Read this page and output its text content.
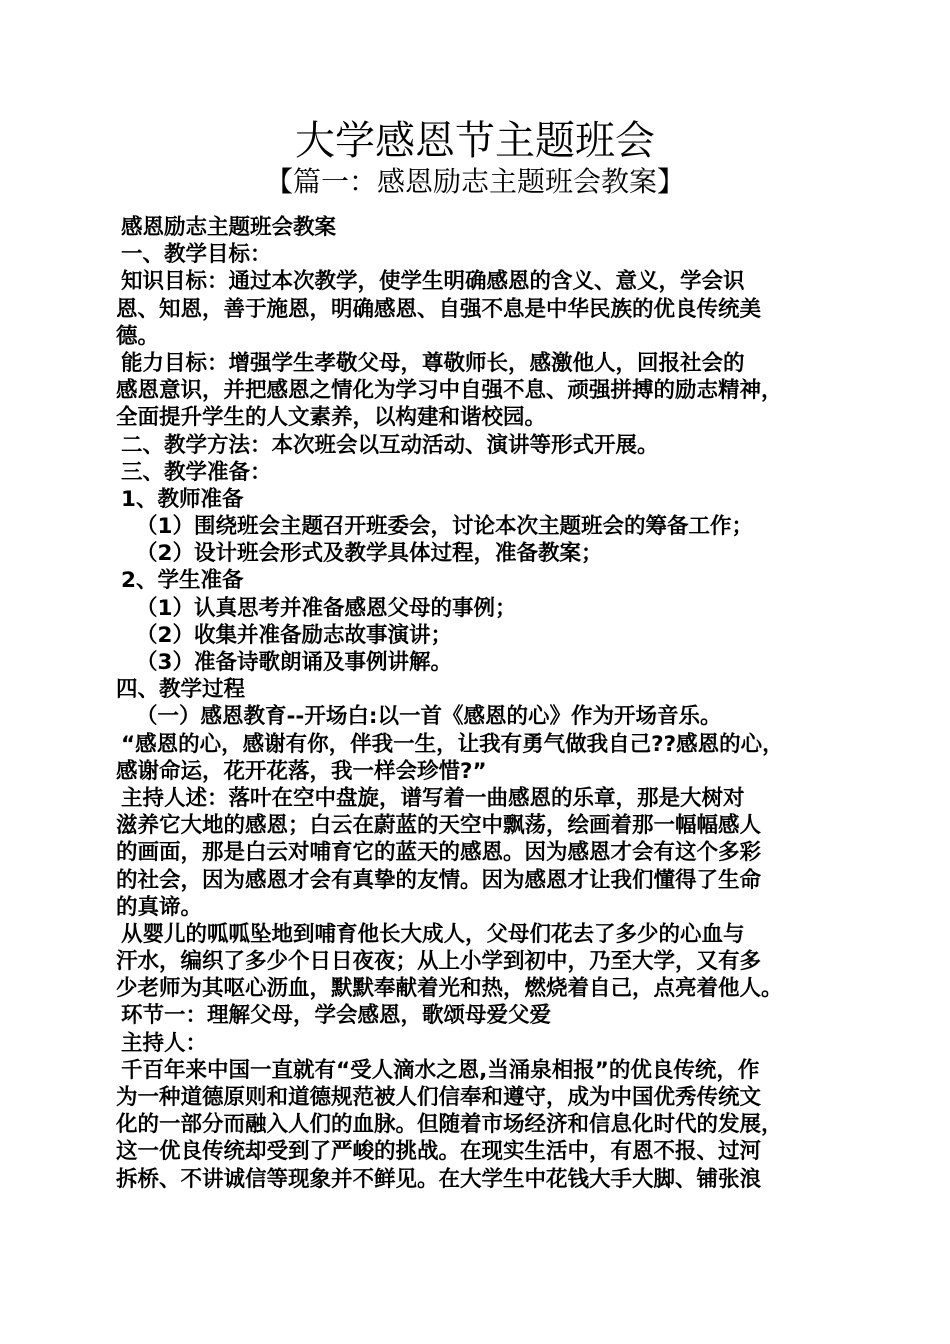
大学感恩节主题班会
【篇一：感恩励志主题班会教案】
感恩励志主题班会教案
一、教学目标：
知识目标：通过本次教学，使学生明确感恩的含义、意义，学会识
恩、知恩，善于施恩，明确感恩、自强不息是中华民族的优良传统美
德。
能力目标：增强学生孝敬父母，尊敬师长，感激他人，回报社会的
感恩意识，并把感恩之情化为学习中自强不息、顽强拼搏的励志精神，
全面提升学生的人文素养，以构建和谐校园。
二、教学方法：本次班会以互动活动、演讲等形式开展。
三、教学准备：
1、教师准备
（1）围绕班会主题召开班委会，讨论本次主题班会的筹备工作；
（2）设计班会形式及教学具体过程，准备教案；
2、学生准备
（1）认真思考并准备感恩父母的事例；
（2）收集并准备励志故事演讲；
（3）准备诗歌朗诵及事例讲解。
四、教学过程
（一）感恩教育--开场白:以一首《感恩的心》作为开场音乐。
“感恩的心，感谢有你，伴我一生，让我有勇气做我自己??感恩的心，
感谢命运，花开花落，我一样会珍惜?”
主持人述：落叶在空中盘旋，谱写着一曲感恩的乐章，那是大树对
滋养它大地的感恩；白云在蔚蓝的天空中飘荡，绘画着那一幅幅感人
的画面，那是白云对哺育它的蓝天的感恩。因为感恩才会有这个多彩
的社会，因为感恩才会有真挚的友情。因为感恩才让我们懂得了生命
的真谛。
从婴儿的呱呱坠地到哺育他长大成人，父母们花去了多少的心血与
汗水，编织了多少个日日夜夜；从上小学到初中，乃至大学，又有多
少老师为其呕心沥血，默默奉献着光和热，燃烧着自己，点亮着他人。
环节一：理解父母，学会感恩，歌颂母爱父爱
主持人：
千百年来中国一直就有“受人滴水之恩,当涌泉相报”的优良传统，作
为一种道德原则和道德规范被人们信奉和遵守，成为中国优秀传统文
化的一部分而融入人们的血脉。但随着市场经济和信息化时代的发展，
这一优良传统却受到了严峻的挑战。在现实生活中，有恩不报、过河
拆桥、不讲诚信等现象并不鲜见。在大学生中花钱大手大脚、铺张浪
